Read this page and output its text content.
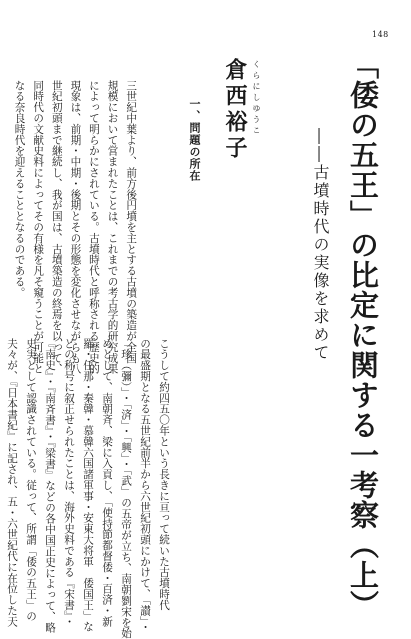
148
「倭の五王」の比定に関する一考察（上）
――古墳時代の実像を求めて
くらにしゆうこ
倉西裕子
一、問題の所在
三世紀中葉より、前方後円墳を主とする古墳の築造が全国
規模において営まれたことは、これまでの考古学的研究成果
によって明らかにされている。古墳時代と呼称される歴史的
現象は、前期・中期・後期とその形態を変化させながらも八
世紀初頭まで継続し、我が国は、古墳築造の終焉を以って、
同時代の文献史料によってその有様を凡そ窺うことが可能と
なる奈良時代を迎えることとなるのである。
こうして約四五〇年という長きに亘って続いた古墳時代
の最盛期となる五世紀前半から六世紀初頭にかけて、「讃」・
「珍（彌）」・「済」・「興」・「武」の五帝が立ち、南朝劉宋を始
めとして、南朝斉、梁に入貢し、「使持節都督倭・百済・新
羅・任那・秦韓・慕韓六国諸軍事・安東大将軍　倭国王」な
どの称号に叙正せられたことは、海外史料である『宋書』・
『南史』・『南斉書』・『梁書』などの各中国正史によって、略
史実として認識されている。従って、所謂「倭の五王」の
夫々が、『日本書紀』に記され、五・六世紀代に在位した天
